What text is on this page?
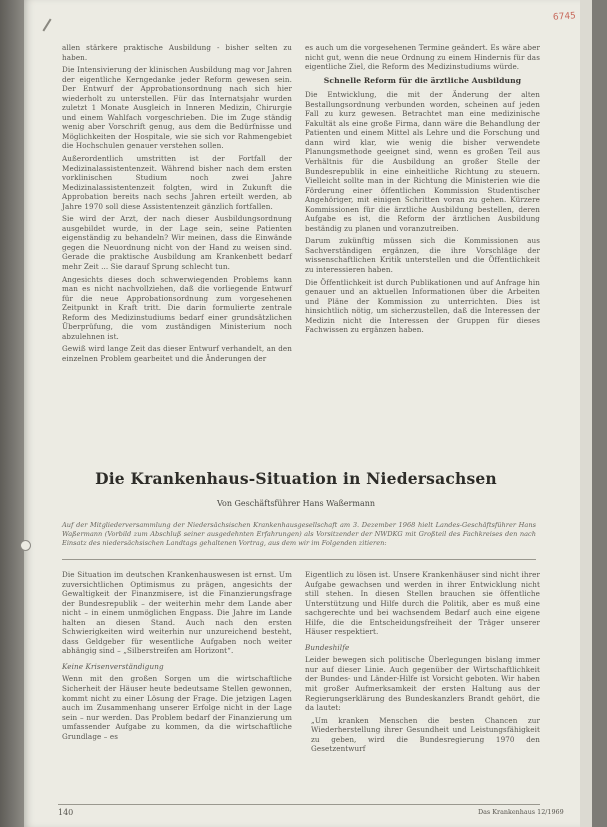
6745

allen stärkere praktische Ausbildung - bisher selten zu haben.

Die Intensivierung der klinischen Ausbildung mag vor Jahren der eigentliche Kerngedanke jeder Reform gewesen sein. Der Entwurf der Approbationsordnung nach sich hier wiederholt zu unterstellen. Für das Internatsjahr wurden zuletzt 1 Monate Ausgleich in Inneren Medizin, Chirurgie und einem Wahlfach vorgeschrieben. Die im Zuge ständig wenig aber Vorschrift genug, aus dem die Bedürfnisse und Möglichkeiten der Hospitale, wie sie sich vor Rahmengebiet die Hochschulen genauer verstehen sollen.

Außerordentlich umstritten ist der Fortfall der Medizinalassistentenzeit. Während bisher nach dem ersten vorklinischen Studium noch zwei Jahre Medizinalassistentenzeit folgten, wird in Zukunft die Approbation bereits nach sechs Jahren erteilt werden, ab Jahre 1970 soll diese Assistentenzeit gänzlich fortfallen.

Sie wird der Arzt, der nach dieser Ausbildungsordnung ausgebildet wurde, in der Lage sein, seine Patienten eigenständig zu behandeln? Wir meinen, dass die Einwände gegen die Neuordnung nicht von der Hand zu weisen sind. Gerade die praktische Ausbildung am Krankenbett bedarf mehr Zeit ... Sie darauf Sprung schlecht tun.

Angesichts dieses doch schwerwiegenden Problems kann man es nicht nachvollziehen, daß die vorliegende Entwurf für die neue Approbationsordnung zum vorgesehenen Zeitpunkt in Kraft tritt. Die darin formulierte zentrale Reform des Medizinstudiums bedarf einer grundsätzlichen Überprüfung, die vom zuständigen Ministerium noch abzulehnen ist.

Gewiß wird lange Zeit das dieser Entwurf verhandelt, an den einzelnen Problem gearbeitet und die Änderungen der

es auch um die vorgesehenen Termine geändert. Es wäre aber nicht gut, wenn die neue Ordnung zu einem Hindernis für das eigentliche Ziel, die Reform des Medizinstudiums würde.

Schnelle Reform für die ärztliche Ausbildung

Die Entwicklung, die mit der Änderung der alten Bestallungsordnung verbunden worden, scheinen auf jeden Fall zu kurz gewesen. Betrachtet man eine medizinische Fakultät als eine große Firma, dann wäre die Behandlung der Patienten und einem Mittel als Lehre und die Forschung und dann wird klar, wie wenig die bisher verwendete Planungsmethode geeignet sind, wenn es großen Teil aus Verhältnis für die Ausbildung an großer Stelle der Bundesrepublik in eine einheitliche Richtung zu steuern. Vielleicht sollte man in der Richtung die Ministerien wie die Förderung einer öffentlichen Kommission Studentischer Angehöriger, mit einigen Schritten voran zu gehen. Kürzere Kommissionen für die ärztliche Ausbildung bestellen, deren Aufgabe es ist, die Reform der ärztlichen Ausbildung beständig zu planen und voranzutreiben.

Darum zukünftig müssen sich die Kommissionen aus Sachverständigen ergänzen, die ihre Vorschläge der wissenschaftlichen Kritik unterstellen und die Öffentlichkeit zu interessieren haben.

Die Öffentlichkeit ist durch Publikationen und auf Anfrage hin genauer und an aktuellen Informationen über die Arbeiten und Pläne der Kommission zu unterrichten. Dies ist hinsichtlich nötig, um sicherzustellen, daß die Interessen der Medizin nicht die Interessen der Gruppen für dieses Fachwissen zu ergänzen haben.

Die Krankenhaus-Situation in Niedersachsen
Von Geschäftsführer Hans Waßermann
Auf der Mitgliederversammlung der Niedersächsischen Krankenhausgesellschaft am 3. Dezember 1968 hielt Landes-Geschäftsführer Hans Waßermann (Vorbild zum Abschluß seiner ausgedehnten Erfahrungen) als Vorsitzender der NWDKG mit Großteil des Fachkreises den nach Einsatz des niedersächsischen Landtags gehaltenen Vortrag, aus dem wir im Folgenden zitieren:

Die Situation im deutschen Krankenhauswesen ist ernst. Um zuversichtlichen Optimismus zu prägen, angesichts der Gewaltigkeit der Finanzmisere, ist die Finanzierungsfrage der Bundesrepublik – der weiterhin mehr dem Lande aber nicht – in einem unmöglichen Engpass. Die Jahre im Lande halten an diesen Stand. Auch nach den ersten Schwierigkeiten wird weiterhin nur unzureichend besteht, dass Geldgeber für wesentliche Aufgaben noch weiter abhängig sind – „Silberstreifen am Horizont“.

Keine Krisenverständigung

Wenn mit den großen Sorgen um die wirtschaftliche Sicherheit der Häuser heute bedeutsame Stellen gewonnen, kommt nicht zu einer Lösung der Frage. Die jetzigen Lagen auch im Zusammenhang unserer Erfolge nicht in der Lage sein – nur werden. Das Problem bedarf der Finanzierung um umfassender Aufgabe zu kommen, da die wirtschaftliche Grundlage – es

Eigentlich zu lösen ist. Unsere Krankenhäuser sind nicht ihrer Aufgabe gewachsen und werden in ihrer Entwicklung nicht still stehen. In diesen Stellen brauchen sie öffentliche Unterstützung und Hilfe durch die Politik, aber es muß eine sachgerechte und bei wachsendem Bedarf auch eine eigene Hilfe, die die Entscheidungsfreiheit der Träger unserer Häuser respektiert.

Bundeshilfe

Leider bewegen sich politische Überlegungen bislang immer nur auf dieser Linie. Auch gegenüber der Wirtschaftlichkeit der Bundes- und Länder-Hilfe ist Vorsicht geboten. Wir haben mit großer Aufmerksamkeit der ersten Haltung aus der Regierungserklärung des Bundeskanzlers Brandt gehört, die da lautet:

„Um kranken Menschen die besten Chancen zur Wiederherstellung ihrer Gesundheit und Leistungsfähigkeit zu geben, wird die Bundesregierung 1970 den Gesetzentwurf

140	Das Krankenhaus 12/1969
